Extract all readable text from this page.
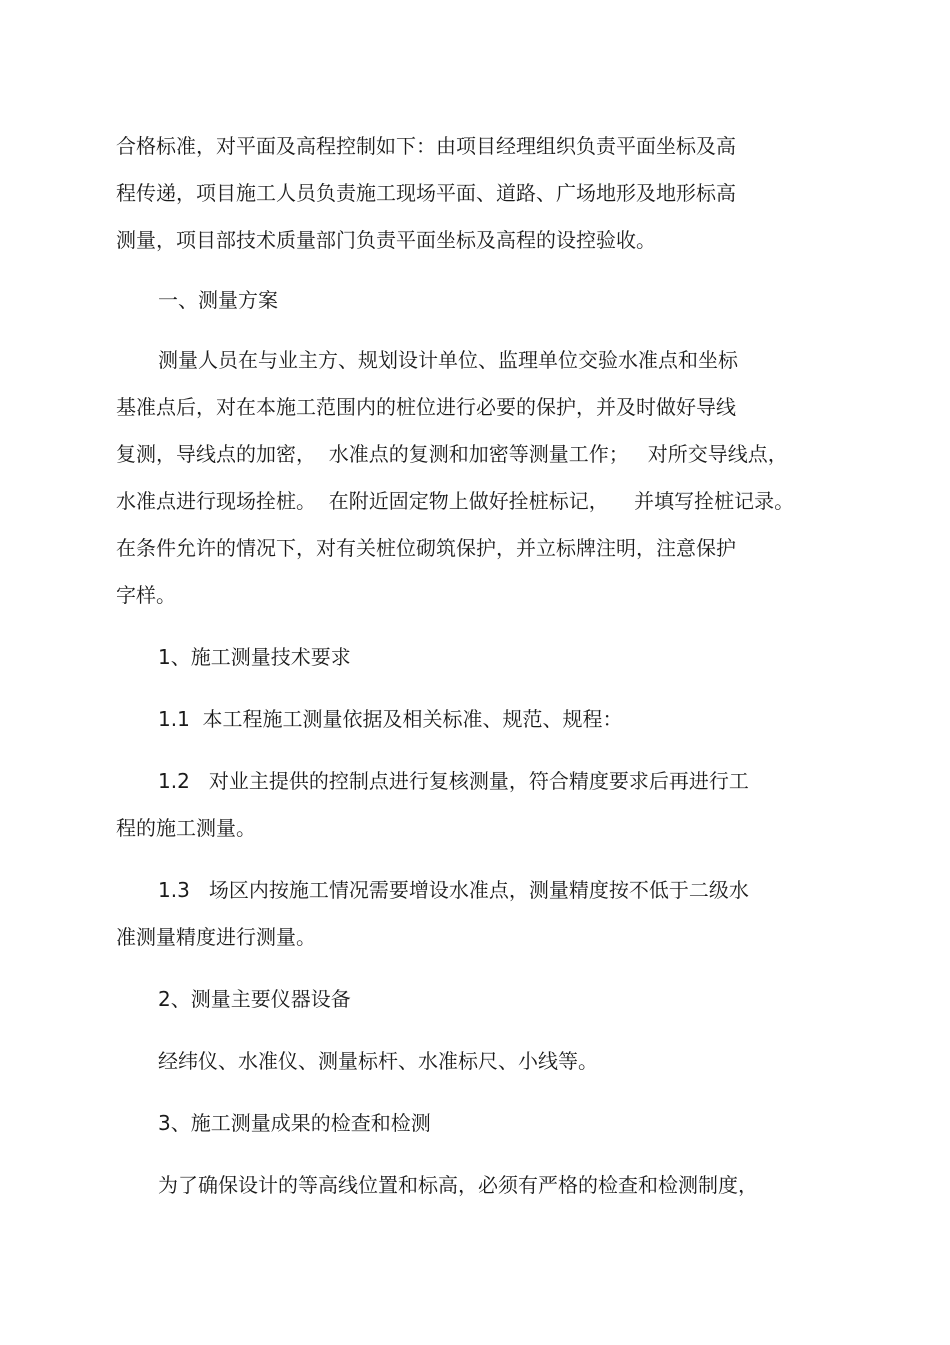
合格标准，对平面及高程控制如下：由项目经理组织负责平面坐标及高
程传递，项目施工人员负责施工现场平面、道路、广场地形及地形标高
测量，项目部技术质量部门负责平面坐标及高程的设控验收。
一、测量方案
测量人员在与业主方、规划设计单位、监理单位交验水准点和坐标
基准点后，对在本施工范围内的桩位进行必要的保护，并及时做好导线
复测，导线点的加密，  水准点的复测和加密等测量工作；   对所交导线点，
水准点进行现场拴桩。  在附近固定物上做好拴桩标记，    并填写拴桩记录。
在条件允许的情况下，对有关桩位砌筑保护，并立标牌注明，注意保护
字样。
1、施工测量技术要求
1.1  本工程施工测量依据及相关标准、规范、规程：
1.2   对业主提供的控制点进行复核测量，符合精度要求后再进行工
程的施工测量。
1.3   场区内按施工情况需要增设水准点，测量精度按不低于二级水
准测量精度进行测量。
2、测量主要仪器设备
经纬仪、水准仪、测量标杆、水准标尺、小线等。
3、施工测量成果的检查和检测
为了确保设计的等高线位置和标高，必须有严格的检查和检测制度，
